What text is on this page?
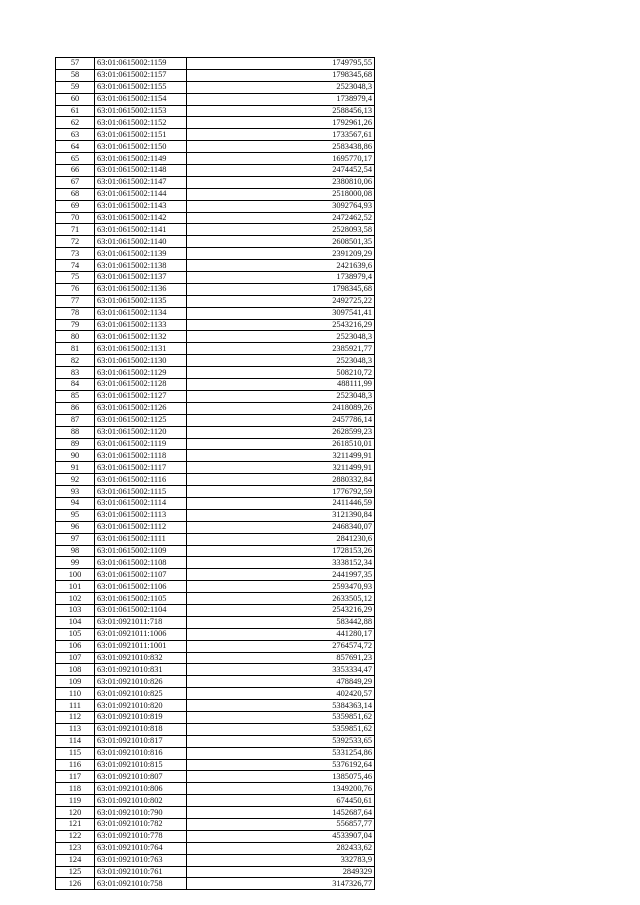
57	63:01:0615002:1159	1749795,55
58	63:01:0615002:1157	1798345,68
59	63:01:0615002:1155	2523048,3
60	63:01:0615002:1154	1738979,4
61	63:01:0615002:1153	2588456,13
62	63:01:0615002:1152	1792961,26
63	63:01:0615002:1151	1733567,61
64	63:01:0615002:1150	2583438,86
65	63:01:0615002:1149	1695770,17
66	63:01:0615002:1148	2474452,54
67	63:01:0615002:1147	2380810,06
68	63:01:0615002:1144	2518000,08
69	63:01:0615002:1143	3092764,93
70	63:01:0615002:1142	2472462,52
71	63:01:0615002:1141	2528093,58
72	63:01:0615002:1140	2608501,35
73	63:01:0615002:1139	2391209,29
74	63:01:0615002:1138	2421639,6
75	63:01:0615002:1137	1738979,4
76	63:01:0615002:1136	1798345,68
77	63:01:0615002:1135	2492725,22
78	63:01:0615002:1134	3097541,41
79	63:01:0615002:1133	2543216,29
80	63:01:0615002:1132	2523048,3
81	63:01:0615002:1131	2385921,77
82	63:01:0615002:1130	2523048,3
83	63:01:0615002:1129	508210,72
84	63:01:0615002:1128	488111,99
85	63:01:0615002:1127	2523048,3
86	63:01:0615002:1126	2418089,26
87	63:01:0615002:1125	2457786,14
88	63:01:0615002:1120	2628599,23
89	63:01:0615002:1119	2618510,01
90	63:01:0615002:1118	3211499,91
91	63:01:0615002:1117	3211499,91
92	63:01:0615002:1116	2880332,84
93	63:01:0615002:1115	1776792,59
94	63:01:0615002:1114	2411446,59
95	63:01:0615002:1113	3121390,84
96	63:01:0615002:1112	2468340,07
97	63:01:0615002:1111	2841230,6
98	63:01:0615002:1109	1728153,26
99	63:01:0615002:1108	3338152,34
100	63:01:0615002:1107	2441997,35
101	63:01:0615002:1106	2593470,93
102	63:01:0615002:1105	2633505,12
103	63:01:0615002:1104	2543216,29
104	63:01:0921011:718	583442,88
105	63:01:0921011:1006	441280,17
106	63:01:0921011:1001	2764574,72
107	63:01:0921010:832	857691,23
108	63:01:0921010:831	3353334,47
109	63:01:0921010:826	478849,29
110	63:01:0921010:825	402420,57
111	63:01:0921010:820	5384363,14
112	63:01:0921010:819	5359851,62
113	63:01:0921010:818	5359851,62
114	63:01:0921010:817	5392533,65
115	63:01:0921010:816	5331254,86
116	63:01:0921010:815	5376192,64
117	63:01:0921010:807	1385075,46
118	63:01:0921010:806	1349200,76
119	63:01:0921010:802	674450,61
120	63:01:0921010:790	1452687,64
121	63:01:0921010:782	556857,77
122	63:01:0921010:778	4533907,04
123	63:01:0921010:764	282433,62
124	63:01:0921010:763	332783,9
125	63:01:0921010:761	2849329
126	63:01:0921010:758	3147326,77
